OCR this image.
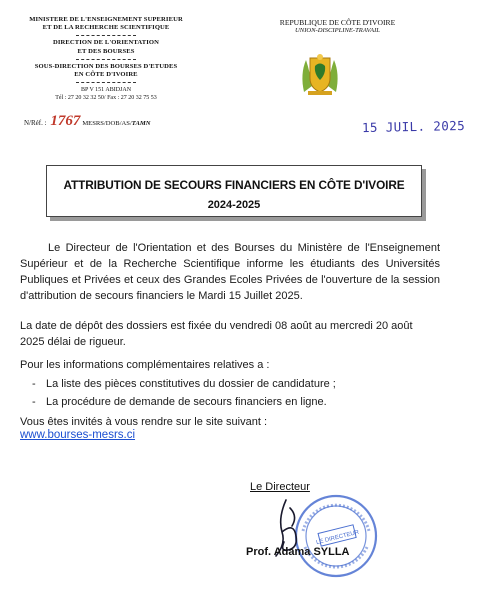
MINISTERE DE L'ENSEIGNEMENT SUPERIEUR
ET DE LA RECHERCHE SCIENTIFIQUE
DIRECTION DE L'ORIENTATION
ET DES BOURSES
SOUS-DIRECTION DES BOURSES D'ETUDES
EN CÔTE D'IVOIRE
BP V 151 ABIDJAN
Tél : 27 20 32 32 50/ Fax : 27 20 32 75 53
REPUBLIQUE DE CÔTE D'IVOIRE
UNION-DISCIPLINE-TRAVAIL
N/Réf. : 1767 MESRS/DOB/AS/TAMN	15 JUIL. 2025
ATTRIBUTION DE SECOURS FINANCIERS EN CÔTE D'IVOIRE
2024-2025
Le Directeur de l'Orientation et des Bourses du Ministère de l'Enseignement Supérieur et de la Recherche Scientifique informe les étudiants des Universités Publiques et Privées et ceux des Grandes Ecoles Privées de l'ouverture de la session d'attribution de secours financiers le Mardi 15 Juillet 2025.
La date de dépôt des dossiers est fixée du vendredi 08 août au mercredi 20 août 2025 délai de rigueur.
Pour les informations complémentaires relatives a :
- La liste des pièces constitutives du dossier de candidature ;
- La procédure de demande de secours financiers en ligne.
Vous êtes invités à vous rendre sur le site suivant :
www.bourses-mesrs.ci
Le Directeur
LE DIRECTEUR
Prof. Adama SYLLA
